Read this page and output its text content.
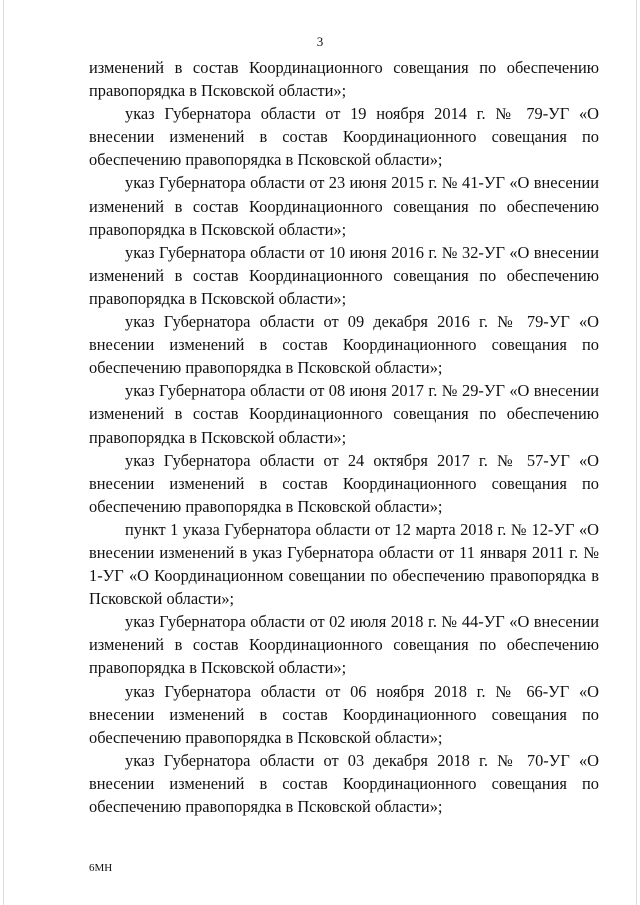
3

изменений в состав Координационного совещания по обеспечению правопорядка в Псковской области»;

указ Губернатора области от 19 ноября 2014 г. № 79-УГ «О внесении изменений в состав Координационного совещания по обеспечению правопорядка в Псковской области»;

указ Губернатора области от 23 июня 2015 г. № 41-УГ «О внесении изменений в состав Координационного совещания по обеспечению правопорядка в Псковской области»;

указ Губернатора области от 10 июня 2016 г. № 32-УГ «О внесении изменений в состав Координационного совещания по обеспечению правопорядка в Псковской области»;

указ Губернатора области от 09 декабря 2016 г. № 79-УГ «О внесении изменений в состав Координационного совещания по обеспечению правопорядка в Псковской области»;

указ Губернатора области от 08 июня 2017 г. № 29-УГ «О внесении изменений в состав Координационного совещания по обеспечению правопорядка в Псковской области»;

указ Губернатора области от 24 октября 2017 г. № 57-УГ «О внесении изменений в состав Координационного совещания по обеспечению правопорядка в Псковской области»;

пункт 1 указа Губернатора области от 12 марта 2018 г. № 12-УГ «О внесении изменений в указ Губернатора области от 11 января 2011 г. № 1-УГ «О Координационном совещании по обеспечению правопорядка в Псковской области»;

указ Губернатора области от 02 июля 2018 г. № 44-УГ «О внесении изменений в состав Координационного совещания по обеспечению правопорядка в Псковской области»;

указ Губернатора области от 06 ноября 2018 г. № 66-УГ «О внесении изменений в состав Координационного совещания по обеспечению правопорядка в Псковской области»;

указ Губернатора области от 03 декабря 2018 г. № 70-УГ «О внесении изменений в состав Координационного совещания по обеспечению правопорядка в Псковской области»;

6МН
